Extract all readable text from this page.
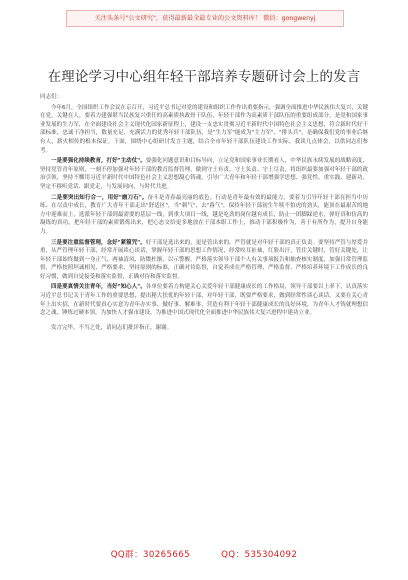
关注头条号"公文研究"，获得最新最全最专业的公文资料库！ 微信：gongwenyj
在理论学习中心组年轻干部培养专题研讨会上的发言

同志们：

今年6月，全国组织工作会议在京召开，习近平总书记对党的建设和组织工作作出重要指示，强调全面推进中华民族伟大复兴，关键在党，关键在人。要着力建强堪当民族复兴重任的高素质执政骨干队伍，年轻干部作为高素质干部队伍的重要组成部分，是党和国家事业发展的生力军，在全面建设社会主义现代化国家新征程上，建设一支忠实贯彻习近平新时代中国特色社会主义思想，符合新时代好干部标准，忠诚干净担当，数量充足，充满活力的优秀年轻干部队伍，是"生力军"能成为"主力军"、"排头兵"，是确保我们党的事业后继有人，薪火相传的根本保证。下面，围绕中心组研讨发言主题，结合全市年轻干部队伍建设工作实际，我谈几点体会，以供同志们参考。

一是要强化持续教育，打好"主动仗"。要强化问题意识和目标导向，立足党和国家事业长期看人，中华民族永续发展的战略高度，坚持党管青年原则，一刻不停加强对年轻干部的教育监督管理，做到守土有责、守土负责、守土尽责，将组织最要加强对年轻干部的政治引领，坚持不懈用习近平新时代中国特色社会主义思想凝心铸魂，引导广大青年和年轻干部增强学思想、强党性、重实践、建新功，坚定不移听党话、跟党走，与发展同向，与时代共进。

二是要突出知行合一，用好"磨刀石"。奋斗是青春最亮丽的底色。行动是青年最有效的最能力，要着力引导年轻干部在担当中历练、在尽责中成长，教育广大青年干部走出"舒适区"，当"刺气"，去"暮气"，保持年轻干部初生牛犊不怕虎的劲头，能顶在最艰苦的地方中迎难而上，选派年轻干部到最需要的基层一线，到重大项目一线，越是吃劲的岗位越有成长，防止一团脚踩逆水，弹好真和仿高的凝练的真功，把年轻干部的素质锻炼出来，把心态交给更多地放在干部本职工作上，推动干部积极作为，善于有所作为，提升自身能力。

三是要注重监督管理，念好"紧箍咒"。好干部是选出来的，更是管出来的，严管就是对年轻干部的真正负责。要坚持严管与厚爱并重，从严管理年轻干部，经常开展谈心谈话，掌握年轻干部的思想工作情况，经常咬耳扯袖，红脸出汗，管住关键时，管好关键处，让年轻干部始终做到一身正气、两袖清风、防微杜渐，以示警醒。严格落实领导干部个人有关事项报告和抽查核实制度，加强日常管理监督，严格按照坦诚相见、严格要求、坚持原则的标准，正确对待监督，自觉养成在严格管理、严格监督、严格培养环境下工作成长的良好习惯，做到自觉接受和落实监督，正确对待和落实监督。

四是要真情关注青年，当好"知心人"。各单位要着力构建关心关爱年轻干部健康成长的工作格局，领导干部要以上率下，认真落实习近平总书记关于青年工作的重要思想，提出秘大扶优的年轻干部，对年轻干部，既要严格要求，做到经常性谈心谈话，又要在关心青年上出实招，在新时代要真心实意为青年办实事、做好事、解难事，营造有利于年轻干部健康成长的良好环境，为青年人才铸就理想信念之魂，锤炼过硬本领，为加快人才强市建设、为推进中国式现代化全面推进中华民族伟大复兴进程中建功立业。

发言完毕，不当之处，请同志们批评指正，谢谢。

QQ群：30265665	QQ：535304092
